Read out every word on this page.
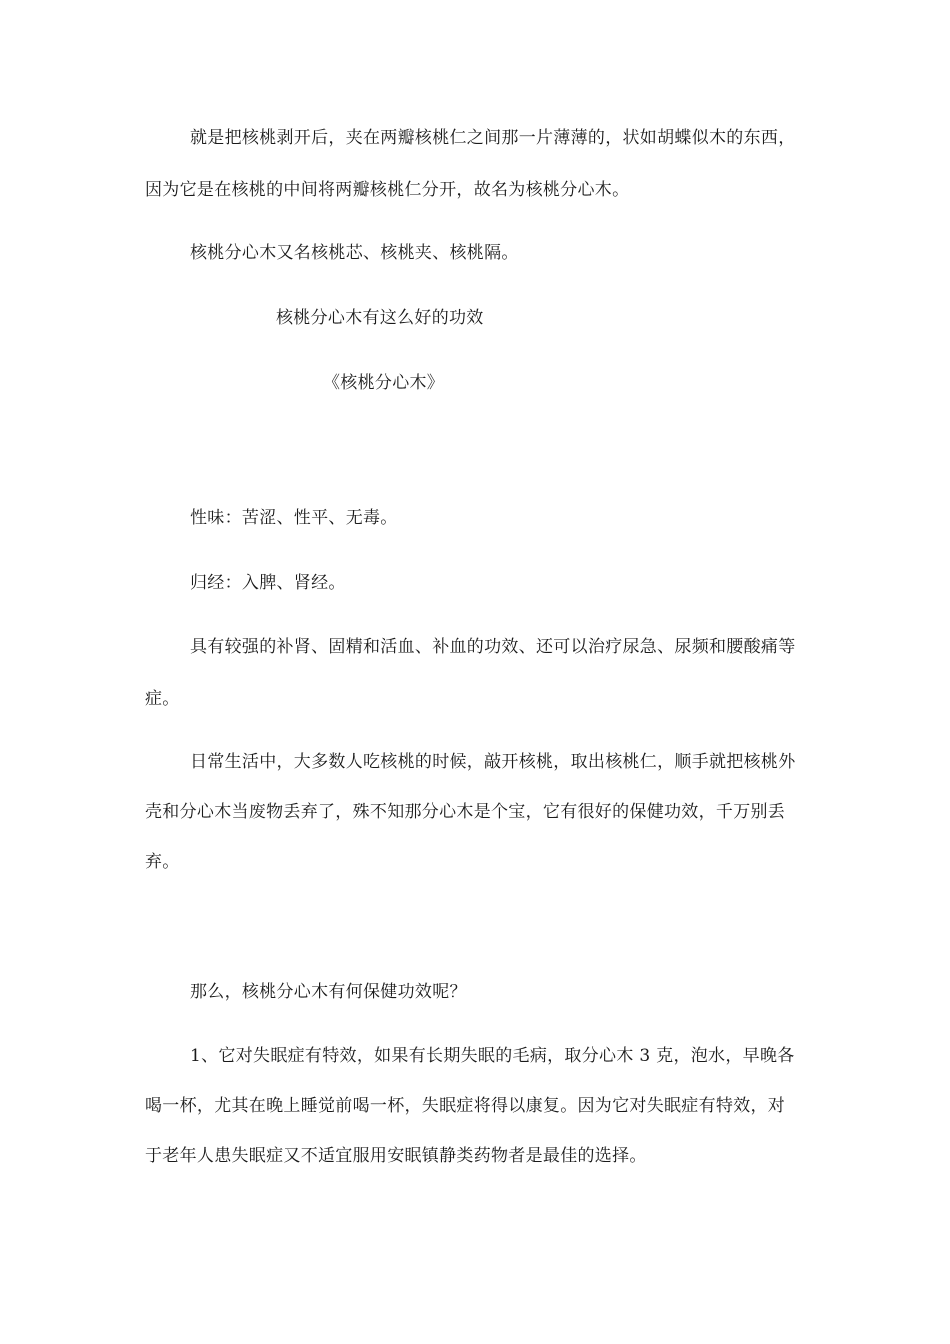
就是把核桃剥开后，夹在两瓣核桃仁之间那一片薄薄的，状如胡蝶似木的东西，
因为它是在核桃的中间将两瓣核桃仁分开，故名为核桃分心木。
核桃分心木又名核桃芯、核桃夹、核桃隔。
核桃分心木有这么好的功效
《核桃分心木》
性味：苦涩、性平、无毒。
归经：入脾、肾经。
具有较强的补肾、固精和活血、补血的功效、还可以治疗尿急、尿频和腰酸痛等
症。
日常生活中，大多数人吃核桃的时候，敲开核桃，取出核桃仁，顺手就把核桃外
壳和分心木当废物丢弃了，殊不知那分心木是个宝，它有很好的保健功效，千万别丢
弃。
那么，核桃分心木有何保健功效呢？
1、它对失眠症有特效，如果有长期失眠的毛病，取分心木 3 克，泡水，早晚各
喝一杯，尤其在晚上睡觉前喝一杯，失眠症将得以康复。因为它对失眠症有特效，对
于老年人患失眠症又不适宜服用安眠镇静类药物者是最佳的选择。
